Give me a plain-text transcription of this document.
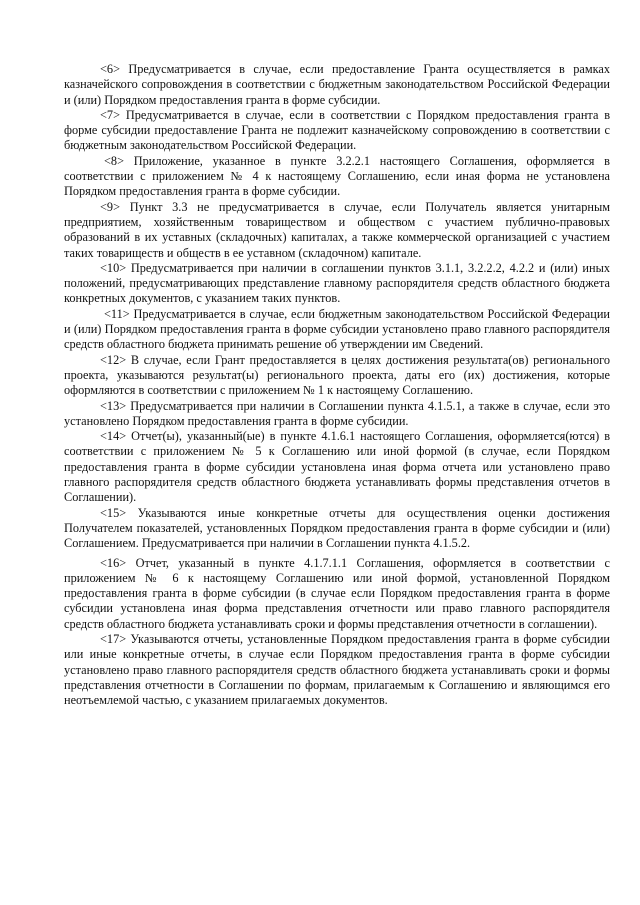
<6> Предусматривается в случае, если предоставление Гранта осуществляется в рамках казначейского сопровождения в соответствии с бюджетным законодательством Российской Федерации и (или) Порядком предоставления гранта в форме субсидии.

<7> Предусматривается в случае, если в соответствии с Порядком предоставления гранта в форме субсидии предоставление Гранта не подлежит казначейскому сопровождению в соответствии с бюджетным законодательством Российской Федерации.

<8> Приложение, указанное в пункте 3.2.2.1 настоящего Соглашения, оформляется в соответствии с приложением № 4 к настоящему Соглашению, если иная форма не установлена Порядком предоставления гранта в форме субсидии.

<9> Пункт 3.3 не предусматривается в случае, если Получатель является унитарным предприятием, хозяйственным товариществом и обществом с участием публично-правовых образований в их уставных (складочных) капиталах, а также коммерческой организацией с участием таких товариществ и обществ в ее уставном (складочном) капитале.

<10> Предусматривается при наличии в соглашении пунктов 3.1.1, 3.2.2.2, 4.2.2 и (или) иных положений, предусматривающих представление главному распорядителя средств областного бюджета конкретных документов, с указанием таких пунктов.

<11> Предусматривается в случае, если бюджетным законодательством Российской Федерации и (или) Порядком предоставления гранта в форме субсидии установлено право главного распорядителя средств областного бюджета принимать решение об утверждении им Сведений.

<12> В случае, если Грант предоставляется в целях достижения результата(ов) регионального проекта, указываются результат(ы) регионального проекта, даты его (их) достижения, которые оформляются в соответствии с приложением № 1 к настоящему Соглашению.

<13> Предусматривается при наличии в Соглашении пункта 4.1.5.1, а также в случае, если это установлено Порядком предоставления гранта в форме субсидии.

<14> Отчет(ы), указанный(ые) в пункте 4.1.6.1 настоящего Соглашения, оформляется(ются) в соответствии с приложением № 5 к Соглашению или иной формой (в случае, если Порядком предоставления гранта в форме субсидии установлена иная форма отчета или установлено право главного распорядителя средств областного бюджета устанавливать формы представления отчетов в Соглашении).

<15> Указываются иные конкретные отчеты для осуществления оценки достижения Получателем показателей, установленных Порядком предоставления гранта в форме субсидии и (или) Соглашением. Предусматривается при наличии в Соглашении пункта 4.1.5.2.

<16> Отчет, указанный в пункте 4.1.7.1.1 Соглашения, оформляется в соответствии с приложением № 6 к настоящему Соглашению или иной формой, установленной Порядком предоставления гранта в форме субсидии (в случае если Порядком предоставления гранта в форме субсидии установлена иная форма представления отчетности или право главного распорядителя средств областного бюджета устанавливать сроки и формы представления отчетности в соглашении).

<17> Указываются отчеты, установленные Порядком предоставления гранта в форме субсидии или иные конкретные отчеты, в случае если Порядком предоставления гранта в форме субсидии установлено право главного распорядителя средств областного бюджета устанавливать сроки и формы представления отчетности в Соглашении по формам, прилагаемым к Соглашению и являющимся его неотъемлемой частью, с указанием прилагаемых документов.
